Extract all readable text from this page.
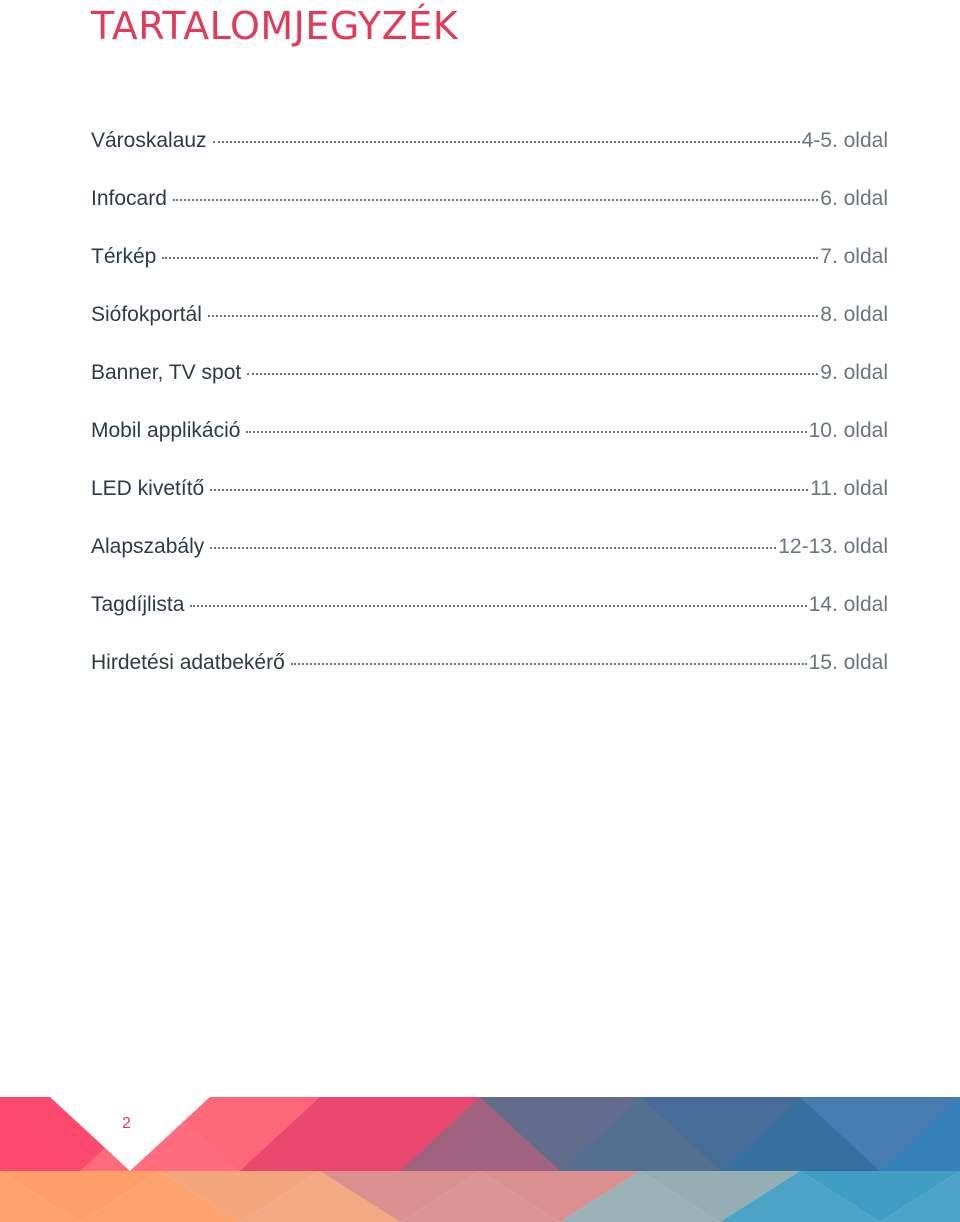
TARTALOMJEGYZÉK
Városkalauz	4-5. oldal
Infocard	6. oldal
Térkép	7. oldal
Siófokportál	8. oldal
Banner, TV spot	9. oldal
Mobil applikáció	10. oldal
LED kivetítő	11. oldal
Alapszabály	12-13. oldal
Tagdíjlista	14. oldal
Hirdetési adatbekérő	15. oldal
2
